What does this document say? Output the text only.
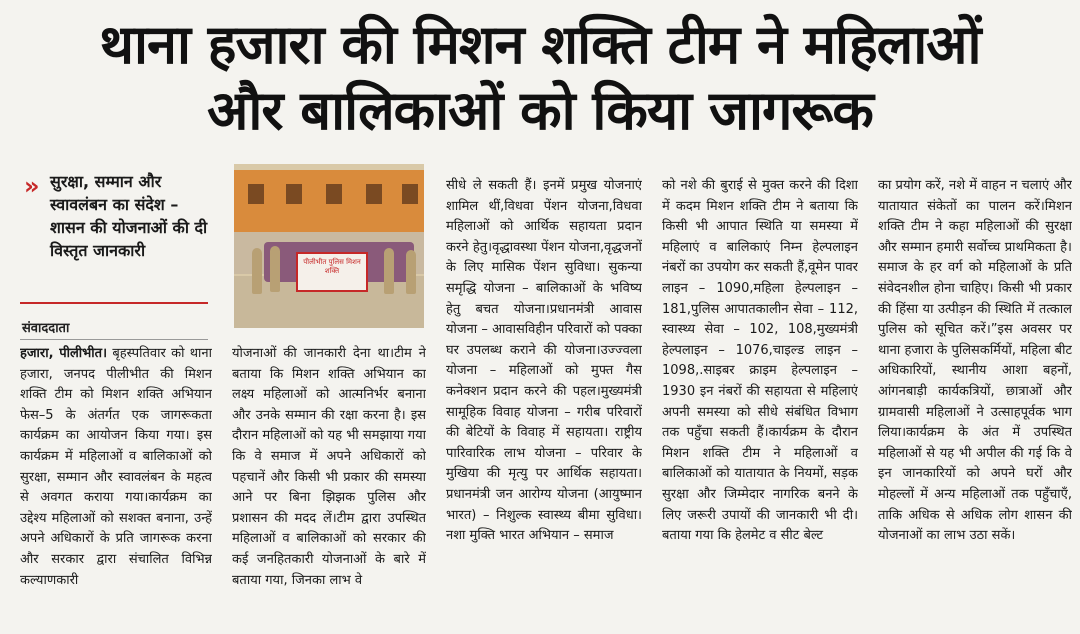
थाना हजारा की मिशन शक्ति टीम ने महिलाओं
और बालिकाओं को किया जागरूक
» सुरक्षा, सम्मान और स्वावलंबन का संदेश – शासन की योजनाओं की दी विस्तृत जानकारी
संवाददाता
पीलीभीत पुलिस मिशन शक्ति
हजारा, पीलीभीत। बृहस्पतिवार को थाना हजारा, जनपद पीलीभीत की मिशन शक्ति टीम को मिशन शक्ति अभियान फेस–5 के अंतर्गत एक जागरूकता कार्यक्रम का आयोजन किया गया। इस कार्यक्रम में महिलाओं व बालिकाओं को सुरक्षा, सम्मान और स्वावलंबन के महत्व से अवगत कराया गया।कार्यक्रम का उद्देश्य महिलाओं को सशक्त बनाना, उन्हें अपने अधिकारों के प्रति जागरूक करना और सरकार द्वारा संचालित विभिन्न कल्याणकारी
योजनाओं की जानकारी देना था।टीम ने बताया कि मिशन शक्ति अभियान का लक्ष्य महिलाओं को आत्मनिर्भर बनाना और उनके सम्मान की रक्षा करना है। इस दौरान महिलाओं को यह भी समझाया गया कि वे समाज में अपने अधिकारों को पहचानें और किसी भी प्रकार की समस्या आने पर बिना झिझक पुलिस और प्रशासन की मदद लें।टीम द्वारा उपस्थित महिलाओं व बालिकाओं को सरकार की कई जनहितकारी योजनाओं के बारे में बताया गया, जिनका लाभ वे
सीधे ले सकती हैं। इनमें प्रमुख योजनाएं शामिल थीं,विधवा पेंशन योजना,विधवा महिलाओं को आर्थिक सहायता प्रदान करने हेतु।वृद्धावस्था पेंशन योजना,वृद्धजनों के लिए मासिक पेंशन सुविधा। सुकन्या समृद्धि योजना – बालिकाओं के भविष्य हेतु बचत योजना।प्रधानमंत्री आवास योजना – आवासविहीन परिवारों को पक्का घर उपलब्ध कराने की योजना।उज्ज्वला योजना – महिलाओं को मुफ्त गैस कनेक्शन प्रदान करने की पहल।मुख्यमंत्री सामूहिक विवाह योजना – गरीब परिवारों की बेटियों के विवाह में सहायता। राष्ट्रीय पारिवारिक लाभ योजना – परिवार के मुखिया की मृत्यु पर आर्थिक सहायता।प्रधानमंत्री जन आरोग्य योजना (आयुष्मान भारत) – निशुल्क स्वास्थ्य बीमा सुविधा। नशा मुक्ति भारत अभियान – समाज
को नशे की बुराई से मुक्त करने की दिशा में कदम मिशन शक्ति टीम ने बताया कि किसी भी आपात स्थिति या समस्या में महिलाएं व बालिकाएं निम्न हेल्पलाइन नंबरों का उपयोग कर सकती हैं,वूमेन पावर लाइन – 1090,महिला हेल्पलाइन – 181,पुलिस आपातकालीन सेवा – 112, स्वास्थ्य सेवा – 102, 108,मुख्यमंत्री हेल्पलाइन – 1076,चाइल्ड लाइन – 1098,.साइबर क्राइम हेल्पलाइन – 1930 इन नंबरों की सहायता से महिलाएं अपनी समस्या को सीधे संबंधित विभाग तक पहुँचा सकती हैं।कार्यक्रम के दौरान मिशन शक्ति टीम ने महिलाओं व बालिकाओं को यातायात के नियमों, सड़क सुरक्षा और जिम्मेदार नागरिक बनने के लिए जरूरी उपायों की जानकारी भी दी। बताया गया कि हेलमेट व सीट बेल्ट
का प्रयोग करें, नशे में वाहन न चलाएं और यातायात संकेतों का पालन करें।मिशन शक्ति टीम ने कहा महिलाओं की सुरक्षा और सम्मान हमारी सर्वोच्च प्राथमिकता है। समाज के हर वर्ग को महिलाओं के प्रति संवेदनशील होना चाहिए। किसी भी प्रकार की हिंसा या उत्पीड़न की स्थिति में तत्काल पुलिस को सूचित करें।”इस अवसर पर थाना हजारा के पुलिसकर्मियों, महिला बीट अधिकारियों, स्थानीय आशा बहनों, आंगनबाड़ी कार्यकत्रियों, छात्राओं और ग्रामवासी महिलाओं ने उत्साहपूर्वक भाग लिया।कार्यक्रम के अंत में उपस्थित महिलाओं से यह भी अपील की गई कि वे इन जानकारियों को अपने घरों और मोहल्लों में अन्य महिलाओं तक पहुँचाएँ, ताकि अधिक से अधिक लोग शासन की योजनाओं का लाभ उठा सकें।
